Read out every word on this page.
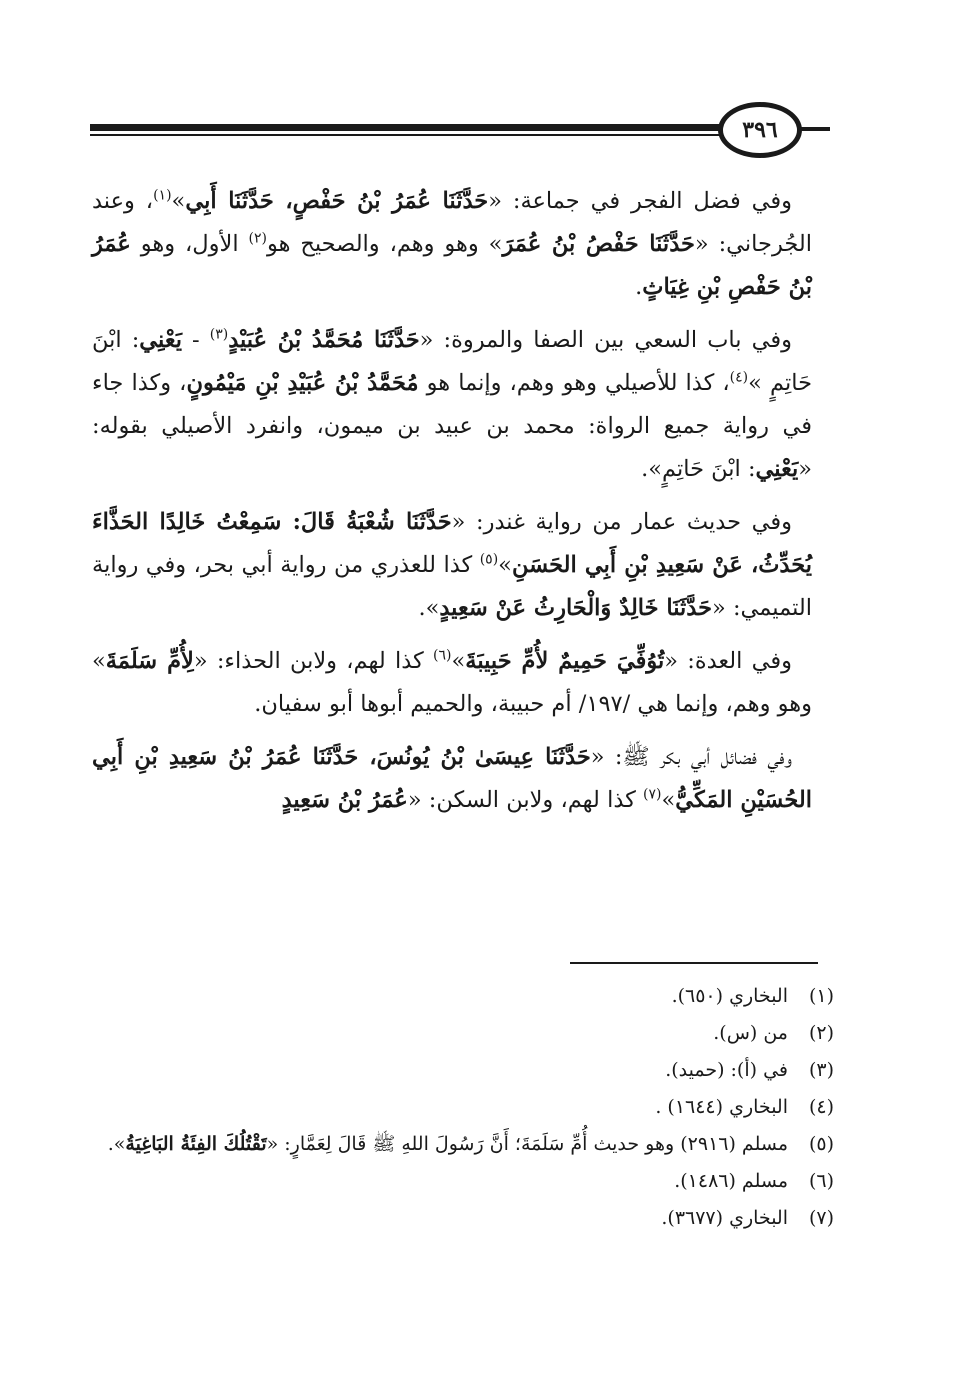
٣٩٦

وفي فضل الفجر في جماعة: «حَدَّثَنَا عُمَرُ بْنُ حَفْصٍ، حَدَّثَنَا أَبِي»$^{(١)}$، وعند الجُرجاني: «حَدَّثَنَا حَفْصُ بْنُ عُمَرَ» وهو وهم، والصحيح هو$^{(٢)}$ الأول، وهو عُمَرُ بْنُ حَفْصِ بْنِ غِيَاثٍ.

وفي باب السعي بين الصفا والمروة: «حَدَّثَنَا مُحَمَّدُ بْنُ عُبَيْدٍ$^{(٣)}$ - يَعْنِي: ابْنَ حَاتِمٍ »$^{(٤)}$، كذا للأصيلي وهو وهم، وإنما هو مُحَمَّدُ بْنُ عُبَيْدِ بْنِ مَيْمُونٍ، وكذا جاء في رواية جميع الرواة: محمد بن عبيد بن ميمون، وانفرد الأصيلي بقوله: «يَعْنِي: ابْنَ حَاتِمٍ».

وفي حديث عمار من رواية غندر: «حَدَّثَنَا شُعْبَةُ قَالَ: سَمِعْتُ خَالِدًا الحَذَّاءَ يُحَدِّثُ، عَنْ سَعِيدِ بْنِ أَبِي الحَسَنِ»$^{(٥)}$ كذا للعذري من رواية أبي بحر، وفي رواية التميمي: «حَدَّثَنَا خَالِدٌ وَالْحَارِثُ عَنْ سَعِيدٍ».

وفي العدة: «تُوُفِّيَ حَمِيمٌ لأُمِّ حَبِيبَةَ»$^{(٦)}$ كذا لهم، ولابن الحذاء: «لِأُمِّ سَلَمَةَ» وهو وهم، وإنما هي /١٩٧/ أم حبيبة، والحميم أبوها أبو سفيان.

وفي فضائل أبي بكر ﷺ: «حَدَّثَنَا عِيسَىٰ بْنُ يُونُسَ، حَدَّثَنَا عُمَرُ بْنُ سَعِيدِ بْنِ أَبِي الحُسَيْنِ المَكِّيُّ»$^{(٧)}$ كذا لهم، ولابن السكن: «عُمَرُ بْنُ سَعِيدٍ

(١)
البخاري (٦٥٠).
(٢)
من (س).
(٣)
في (أ): (حميد).
(٤)
البخاري (١٦٤٤) .
(٥)
مسلم (٢٩١٦) وهو حديث أُمِّ سَلَمَةَ؛ أَنَّ رَسُولَ اللهِ ﷺ قَالَ لِعَمَّارٍ: «تَقْتُلُكَ الفِئَةُ البَاغِيَةُ».
(٦)
مسلم (١٤٨٦).
(٧)
البخاري (٣٦٧٧).
